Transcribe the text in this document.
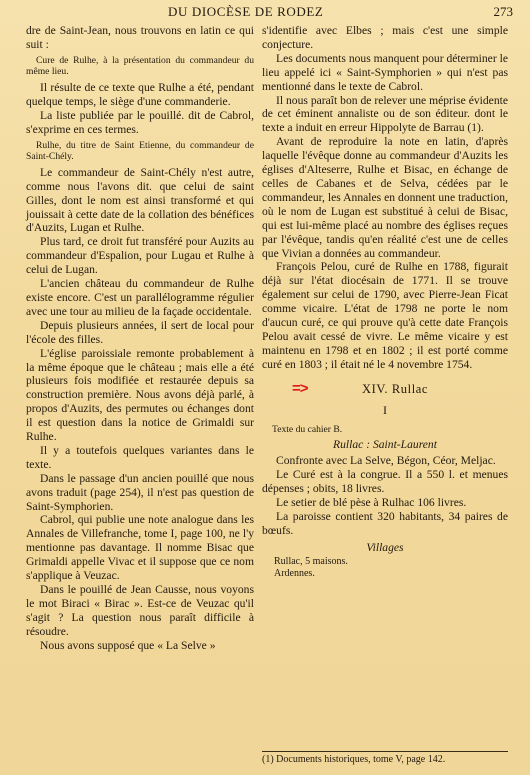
DU DIOCÈSE DE RODEZ	273

dre de Saint-Jean, nous trouvons en latin ce qui suit :

Cure de Rulhe, à la présentation du commandeur du même lieu.

Il résulte de ce texte que Rulhe a été, pendant quelque temps, le siège d'une commanderie.

La liste publiée par le pouillé. dit de Cabrol, s'exprime en ces termes.

Rulhe, du titre de Saint Etienne, du commandeur de Saint-Chély.

Le commandeur de Saint-Chély n'est autre, comme nous l'avons dit. que celui de saint Gilles, dont le nom est ainsi transformé et qui jouissait à cette date de la collation des bénéfices d'Auzits, Lugan et Rulhe.

Plus tard, ce droit fut transféré pour Auzits au commandeur d'Espalion, pour Lugau et Rulhe à celui de Lugan.

L'ancien château du commandeur de Rulhe existe encore. C'est un parallélogramme régulier avec une tour au milieu de la façade occidentale.

Depuis plusieurs années, il sert de local pour l'école des filles.

L'église paroissiale remonte probablement à la même époque que le château ; mais elle a été plusieurs fois modifiée et restaurée depuis sa construction première. Nous avons déjà parlé, à propos d'Auzits, des permutes ou échanges dont il est question dans la notice de Grimaldi sur Rulhe.

Il y a toutefois quelques variantes dans le texte.

Dans le passage d'un ancien pouillé que nous avons traduit (page 254), il n'est pas question de Saint-Symphorien.

Cabrol, qui publie une note analogue dans les Annales de Villefranche, tome I, page 100, ne l'y mentionne pas davantage. Il nomme Bisac que Grimaldi appelle Vivac et il suppose que ce nom s'applique à Veuzac.

Dans le pouillé de Jean Causse, nous voyons le mot Biraci « Birac ». Est-ce de Veuzac qu'il s'agit ? La question nous paraît difficile à résoudre.

Nous avons supposé que « La Selve »

s'identifie avec Elbes ; mais c'est une simple conjecture.

Les documents nous manquent pour déterminer le lieu appelé ici « Saint-Symphorien » qui n'est pas mentionné dans le texte de Cabrol.

Il nous paraît bon de relever une méprise évidente de cet éminent annaliste ou de son éditeur. dont le texte a induit en erreur Hippolyte de Barrau (1).

Avant de reproduire la note en latin, d'après laquelle l'évêque donne au commandeur d'Auzits les églises d'Alteserre, Rulhe et Bisac, en échange de celles de Cabanes et de Selva, cédées par le commandeur, les Annales en donnent une traduction, où le nom de Lugan est substitué à celui de Bisac, qui est lui-même placé au nombre des églises reçues par l'évêque, tandis qu'en réalité c'est une de celles que Vivian a données au commandeur.

François Pelou, curé de Rulhe en 1788, figurait déjà sur l'état diocésain de 1771. Il se trouve également sur celui de 1790, avec Pierre-Jean Ficat comme vicaire. L'état de 1798 ne porte le nom d'aucun curé, ce qui prouve qu'à cette date François Pelou avait cessé de vivre. Le même vicaire y est maintenu en 1798 et en 1802 ; il est porté comme curé en 1803 ; il était né le 4 novembre 1754.

=>	XIV. Rullac
I

Texte du cahier B.

Rullac : Saint-Laurent

Confronte avec La Selve, Bégon, Céor, Meljac.

Le Curé est à la congrue. Il a 550 l. et menues dépenses ; obits, 18 livres.

Le setier de blé pèse à Rulhac 106 livres.

La paroisse contient 320 habitants, 34 paires de bœufs.

Villages
Rullac, 5 maisons.
Ardennes.
(1) Documents historiques, tome V, page 142.
